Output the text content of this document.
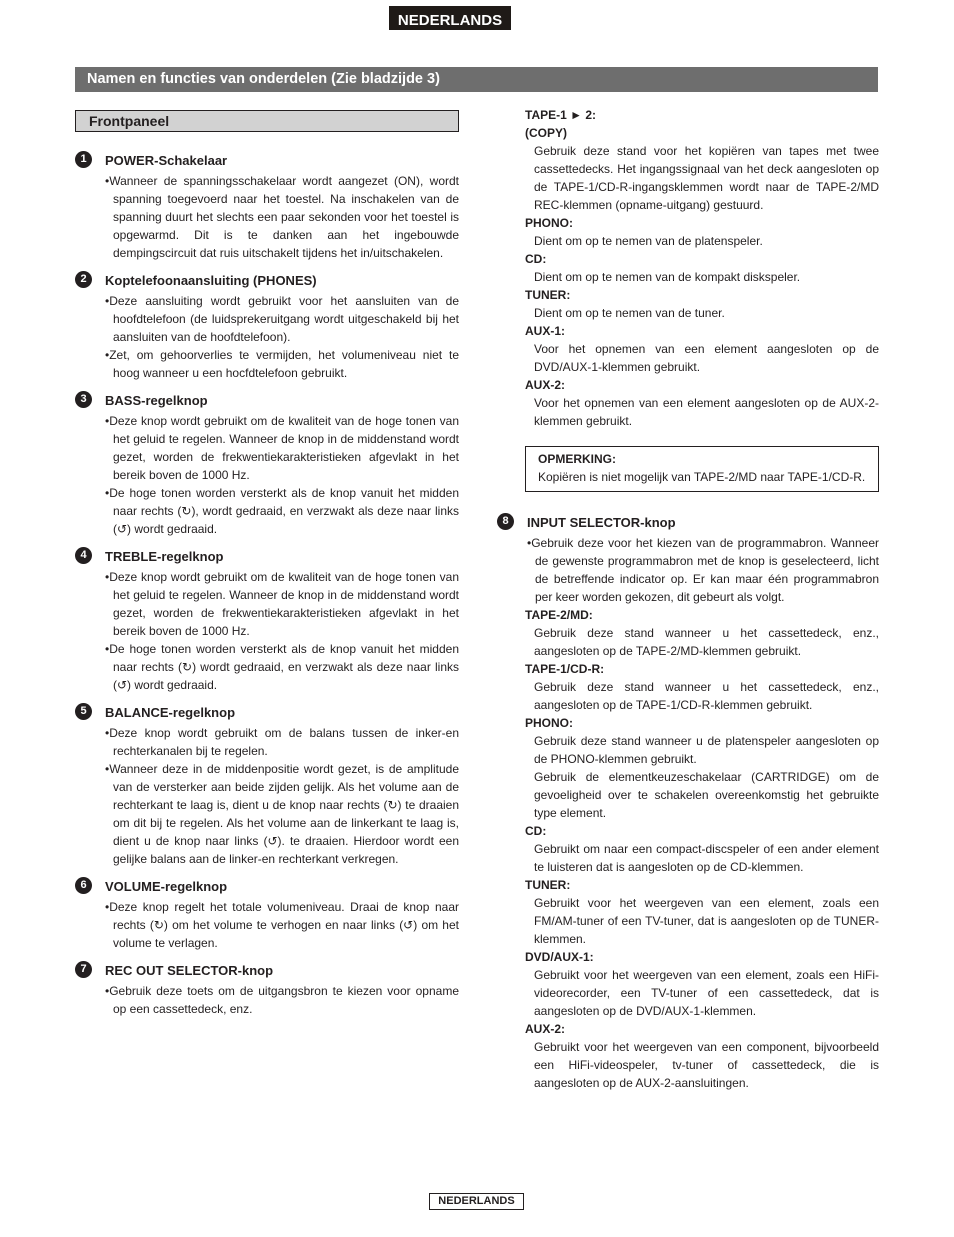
NEDERLANDS
Namen en functies van onderdelen (Zie bladzijde 3)
Frontpaneel
1	POWER-Schakelaar
• Wanneer de spanningsschakelaar wordt aangezet (ON), wordt spanning toegevoerd naar het toestel. Na inschakelen van de spanning duurt het slechts een paar sekonden voor het toestel is opgewarmd. Dit is te danken aan het ingebouwde dempingscircuit dat ruis uitschakelt tijdens het in/uitschakelen.
2	Koptelefoonaansluiting (PHONES)
• Deze aansluiting wordt gebruikt voor het aansluiten van de hoofdtelefoon (de luidsprekeruitgang wordt uitgeschakeld bij het aansluiten van de hoofdtelefoon).
• Zet, om gehoorverlies te vermijden, het volumeniveau niet te hoog wanneer u een hocfdtelefoon gebruikt.
3	BASS-regelknop
• Deze knop wordt gebruikt om de kwaliteit van de hoge tonen van het geluid te regelen. Wanneer de knop in de middenstand wordt gezet, worden de frekwentiekarakteristieken afgevlakt in het bereik boven de 1000 Hz.
• De hoge tonen worden versterkt als de knop vanuit het midden naar rechts (↻), wordt gedraaid, en verzwakt als deze naar links (↺) wordt gedraaid.
4	TREBLE-regelknop
• Deze knop wordt gebruikt om de kwaliteit van de hoge tonen van het geluid te regelen. Wanneer de knop in de middenstand wordt gezet, worden de frekwentiekarakteristieken afgevlakt in het bereik boven de 1000 Hz.
• De hoge tonen worden versterkt als de knop vanuit het midden naar rechts (↻) wordt gedraaid, en verzwakt als deze naar links (↺) wordt gedraaid.
5	BALANCE-regelknop
• Deze knop wordt gebruikt om de balans tussen de inker-en rechterkanalen bij te regelen.
• Wanneer deze in de middenpositie wordt gezet, is de amplitude van de versterker aan beide zijden gelijk. Als het volume aan de rechterkant te laag is, dient u de knop naar rechts (↻) te draaien om dit bij te regelen. Als het volume aan de linkerkant te laag is, dient u de knop naar links (↺). te draaien. Hierdoor wordt een gelijke balans aan de linker-en rechterkant verkregen.
6	VOLUME-regelknop
• Deze knop regelt het totale volumeniveau. Draai de knop naar rechts (↻) om het volume te verhogen en naar links (↺) om het volume te verlagen.
7	REC OUT SELECTOR-knop
• Gebruik deze toets om de uitgangsbron te kiezen voor opname op een cassettedeck, enz.
TAPE-1 ► 2:
(COPY)
Gebruik deze stand voor het kopiëren van tapes met twee cassettedecks. Het ingangssignaal van het deck aangesloten op de TAPE-1/CD-R-ingangsklemmen wordt naar de TAPE-2/MD REC-klemmen (opname-uitgang) gestuurd.
PHONO:
Dient om op te nemen van de platenspeler.
CD:
Dient om op te nemen van de kompakt diskspeler.
TUNER:
Dient om op te nemen van de tuner.
AUX-1:
Voor het opnemen van een element aangesloten op de DVD/AUX-1-klemmen gebruikt.
AUX-2:
Voor het opnemen van een element aangesloten op de AUX-2-klemmen gebruikt.
OPMERKING:
Kopiëren is niet mogelijk van TAPE-2/MD naar TAPE-1/CD-R.
8	INPUT SELECTOR-knop
• Gebruik deze voor het kiezen van de programmabron. Wanneer de gewenste programmabron met de knop is geselecteerd, licht de betreffende indicator op. Er kan maar één programmabron per keer worden gekozen, dit gebeurt als volgt.
TAPE-2/MD:
Gebruik deze stand wanneer u het cassettedeck, enz., aangesloten op de TAPE-2/MD-klemmen gebruikt.
TAPE-1/CD-R:
Gebruik deze stand wanneer u het cassettedeck, enz., aangesloten op de TAPE-1/CD-R-klemmen gebruikt.
PHONO:
Gebruik deze stand wanneer u de platenspeler aangesloten op de PHONO-klemmen gebruikt.
Gebruik de elementkeuzeschakelaar (CARTRIDGE) om de gevoeligheid over te schakelen overeenkomstig het gebruikte type element.
CD:
Gebruikt om naar een compact-discspeler of een ander element te luisteren dat is aangesloten op de CD-klemmen.
TUNER:
Gebruikt voor het weergeven van een element, zoals een FM/AM-tuner of een TV-tuner, dat is aangesloten op de TUNER-klemmen.
DVD/AUX-1:
Gebruikt voor het weergeven van een element, zoals een HiFi-videorecorder, een TV-tuner of een cassettedeck, dat is aangesloten op de DVD/AUX-1-klemmen.
AUX-2:
Gebruikt voor het weergeven van een component, bijvoorbeeld een HiFi-videospeler, tv-tuner of cassettedeck, die is aangesloten op de AUX-2-aansluitingen.
NEDERLANDS
